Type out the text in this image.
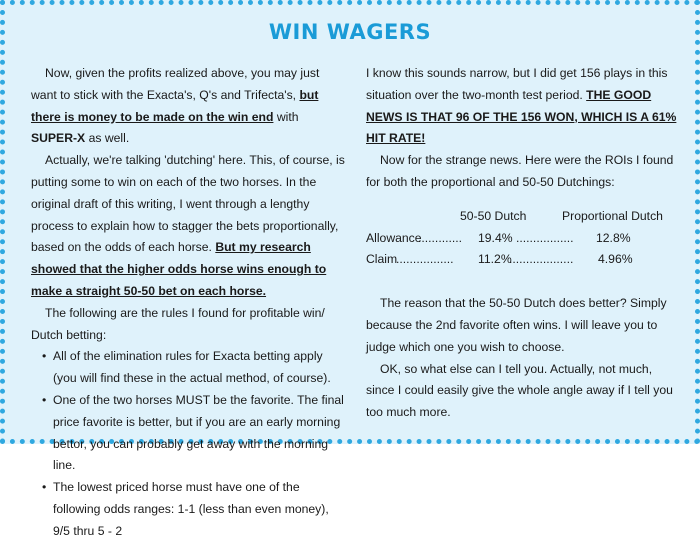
WIN WAGERS

Now, given the profits realized above, you may just want to stick with the Exacta's, Q's and Trifecta's, but there is money to be made on the win end with SUPER-X as well.

Actually, we're talking 'dutching' here. This, of course, is putting some to win on each of the two horses. In the original draft of this writing, I went through a lengthy process to explain how to stagger the bets proportionally, based on the odds of each horse. But my research showed that the higher odds horse wins enough to make a straight 50-50 bet on each horse.

The following are the rules I found for profitable win/

Dutch betting:

• All of the elimination rules for Exacta betting apply (you will find these in the actual method, of course).
• One of the two horses MUST be the favorite. The final price favorite is better, but if you are an early morning bettor, you can probably get away with the morning line.
• The lowest priced horse must have one of the following odds ranges: 1-1 (less than even money), 9/5 thru 5 - 2

I know this sounds narrow, but I did get 156 plays in this situation over the two-month test period. THE GOOD NEWS IS THAT 96 OF THE 156 WON, WHICH IS A 61% HIT RATE!

Now for the strange news. Here were the ROIs I found for both the proportional and 50-50 Dutchings:

50-50 Dutch	Proportional Dutch
Allowance
............. 19.4% ................. 12.8%
Claim
................. 11.2%
................... 4.96%

The reason that the 50-50 Dutch does better? Simply because the 2nd favorite often wins. I will leave you to judge which one you wish to choose.

OK, so what else can I tell you. Actually, not much, since I could easily give the whole angle away if I tell you too much more.
